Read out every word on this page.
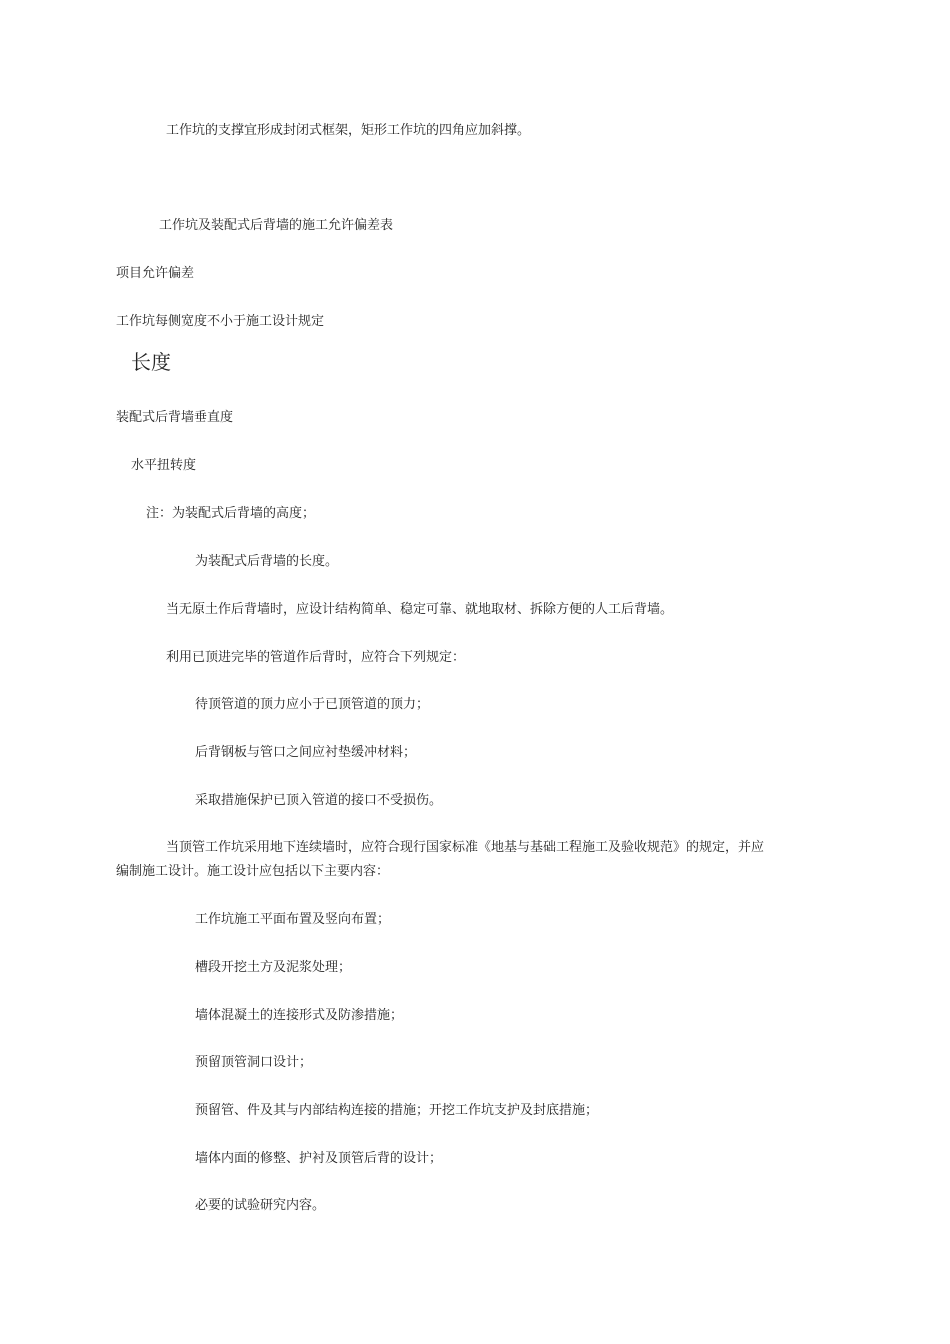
工作坑的支撑宜形成封闭式框架，矩形工作坑的四角应加斜撑。
工作坑及装配式后背墙的施工允许偏差表
项目允许偏差
工作坑每侧宽度不小于施工设计规定
长度
装配式后背墙垂直度
水平扭转度
注：为装配式后背墙的高度；
为装配式后背墙的长度。
当无原土作后背墙时，应设计结构简单、稳定可靠、就地取材、拆除方便的人工后背墙。
利用已顶进完毕的管道作后背时，应符合下列规定：
待顶管道的顶力应小于已顶管道的顶力；
后背钢板与管口之间应衬垫缓冲材料；
采取措施保护已顶入管道的接口不受损伤。
当顶管工作坑采用地下连续墙时，应符合现行国家标准《地基与基础工程施工及验收规范》的规定，并应
编制施工设计。施工设计应包括以下主要内容：
工作坑施工平面布置及竖向布置；
槽段开挖土方及泥浆处理；
墙体混凝土的连接形式及防渗措施；
预留顶管洞口设计；
预留管、件及其与内部结构连接的措施；开挖工作坑支护及封底措施；
墙体内面的修整、护衬及顶管后背的设计；
必要的试验研究内容。
